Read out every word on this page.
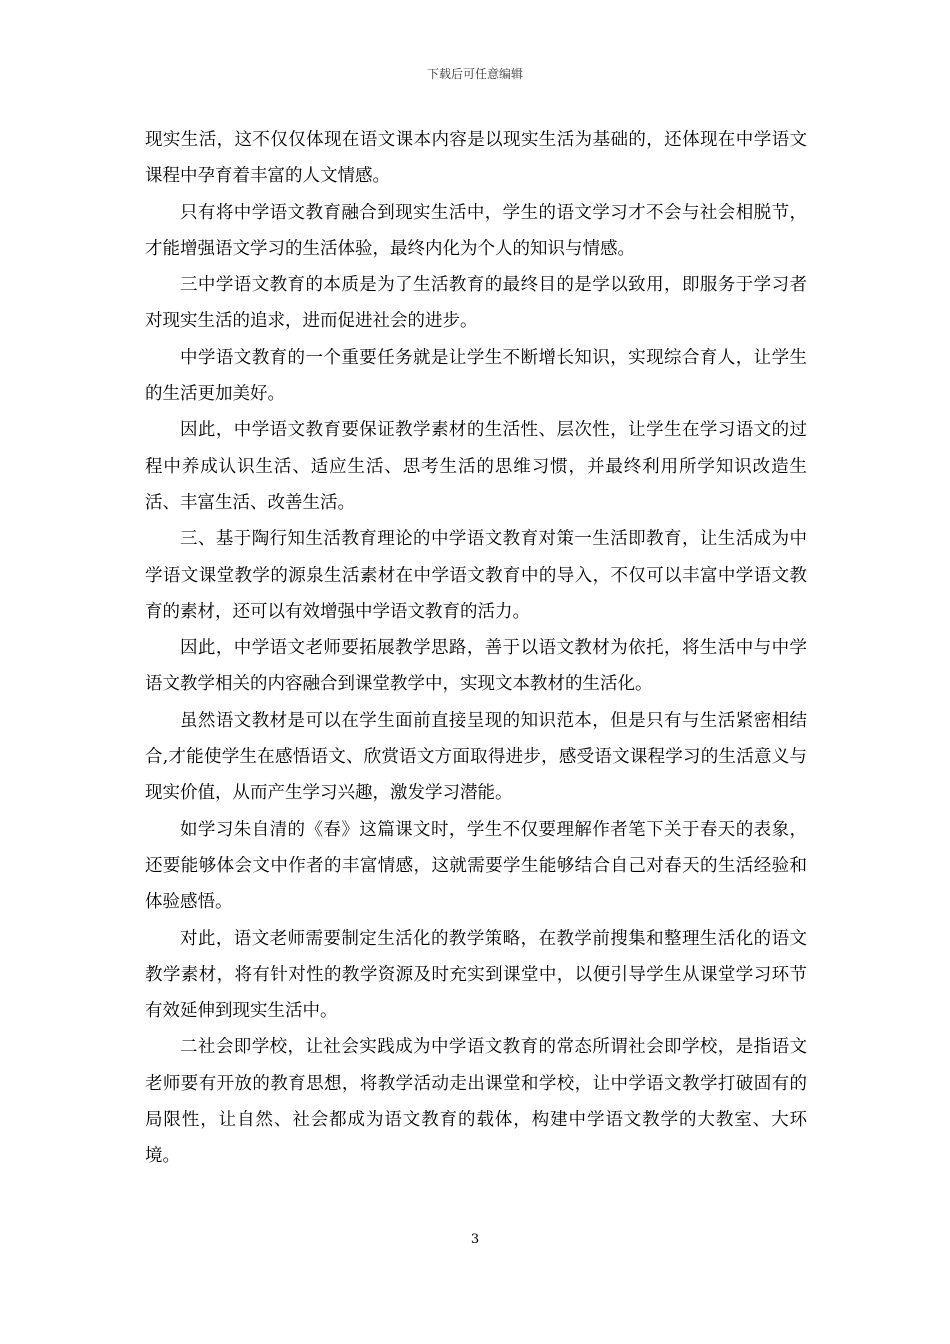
下载后可任意编辑

现实生活，这不仅仅体现在语文课本内容是以现实生活为基础的，还体现在中学语文课程中孕育着丰富的人文情感。

只有将中学语文教育融合到现实生活中，学生的语文学习才不会与社会相脱节，才能增强语文学习的生活体验，最终内化为个人的知识与情感。

三中学语文教育的本质是为了生活教育的最终目的是学以致用，即服务于学习者对现实生活的追求，进而促进社会的进步。

中学语文教育的一个重要任务就是让学生不断增长知识，实现综合育人，让学生的生活更加美好。

因此，中学语文教育要保证教学素材的生活性、层次性，让学生在学习语文的过程中养成认识生活、适应生活、思考生活的思维习惯，并最终利用所学知识改造生活、丰富生活、改善生活。

三、基于陶行知生活教育理论的中学语文教育对策一生活即教育，让生活成为中学语文课堂教学的源泉生活素材在中学语文教育中的导入，不仅可以丰富中学语文教育的素材，还可以有效增强中学语文教育的活力。

因此，中学语文老师要拓展教学思路，善于以语文教材为依托，将生活中与中学语文教学相关的内容融合到课堂教学中，实现文本教材的生活化。

虽然语文教材是可以在学生面前直接呈现的知识范本，但是只有与生活紧密相结合,才能使学生在感悟语文、欣赏语文方面取得进步，感受语文课程学习的生活意义与现实价值，从而产生学习兴趣，激发学习潜能。

如学习朱自清的《春》这篇课文时，学生不仅要理解作者笔下关于春天的表象，还要能够体会文中作者的丰富情感，这就需要学生能够结合自己对春天的生活经验和体验感悟。

对此，语文老师需要制定生活化的教学策略，在教学前搜集和整理生活化的语文教学素材，将有针对性的教学资源及时充实到课堂中，以便引导学生从课堂学习环节有效延伸到现实生活中。

二社会即学校，让社会实践成为中学语文教育的常态所谓社会即学校，是指语文老师要有开放的教育思想，将教学活动走出课堂和学校，让中学语文教学打破固有的局限性，让自然、社会都成为语文教育的载体，构建中学语文教学的大教室、大环境。

3
